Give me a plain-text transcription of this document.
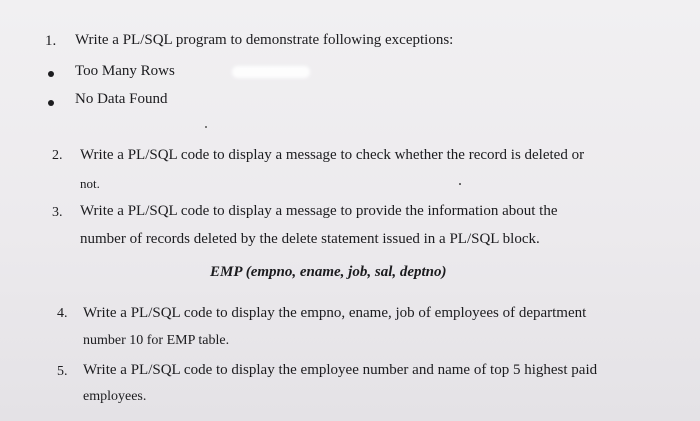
1. Write a PL/SQL program to demonstrate following exceptions:
Too Many Rows
No Data Found
2. Write a PL/SQL code to display a message to check whether the record is deleted or
not.
3. Write a PL/SQL code to display a message to provide the information about the
number of records deleted by the delete statement issued in a PL/SQL block.
EMP (empno, ename, job, sal, deptno)
4. Write a PL/SQL code to display the empno, ename, job of employees of department
number 10 for EMP table.
5. Write a PL/SQL code to display the employee number and name of top 5 highest paid
employees.
